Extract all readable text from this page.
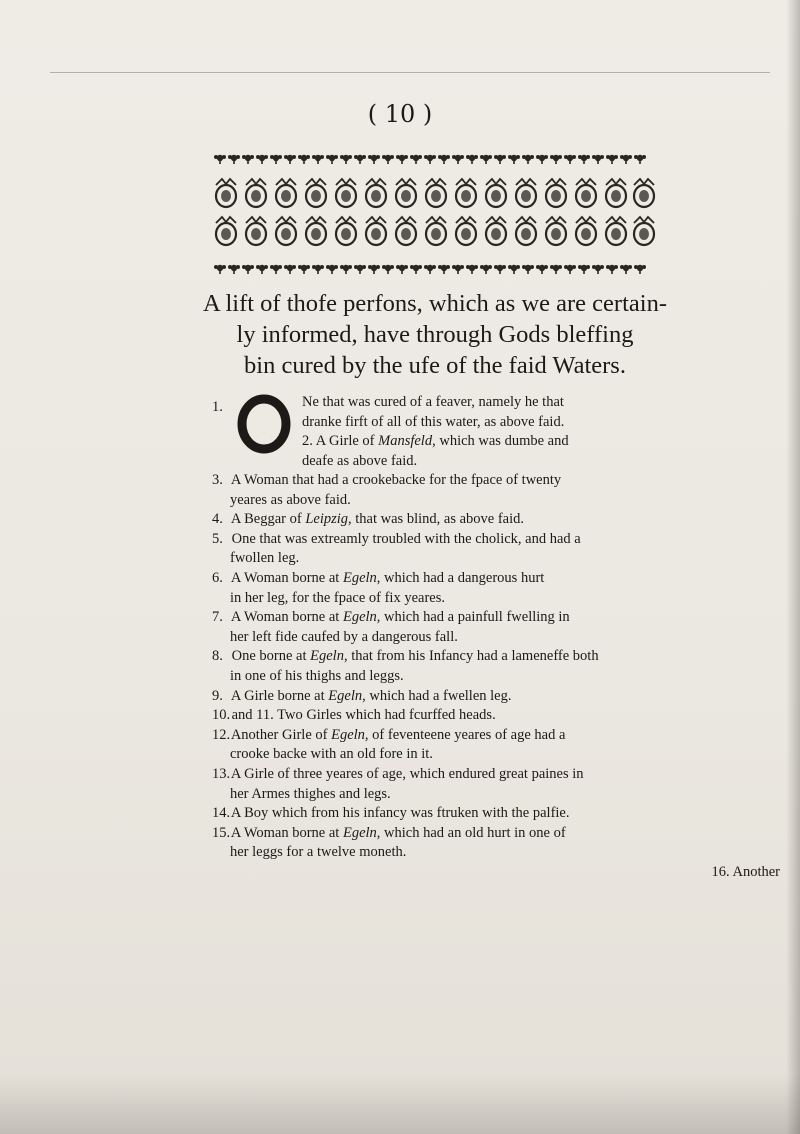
( 10 )
A lift of thofe perfons, which as we are certain-
ly informed, have through Gods bleffing
bin cured by the ufe of the faid Waters.
1.
O
Ne that was cured of a feaver, namely he that
dranke firft of all of this water, as above faid.
2. A Girle of Mansfeld, which was dumbe and
deafe as above faid.
3. A Woman that had a crookebacke for the fpace of twenty
yeares as above faid.
4. A Beggar of Leipzig, that was blind, as above faid.
5. One that was extreamly troubled with the cholick, and had a
fwollen leg.
6. A Woman borne at Egeln, which had a dangerous hurt
in her leg, for the fpace of fix yeares.
7. A Woman borne at Egeln, which had a painfull fwelling in
her left fide caufed by a dangerous fall.
8. One borne at Egeln, that from his Infancy had a lameneffe both
in one of his thighs and leggs.
9. A Girle borne at Egeln, which had a fwellen leg.
10. and 11. Two Girles which had fcurffed heads.
12. Another Girle of Egeln, of feventeene yeares of age had a
crooke backe with an old fore in it.
13. A Girle of three yeares of age, which endured great paines in
her Armes thighes and legs.
14. A Boy which from his infancy was ftruken with the palfie.
15. A Woman borne at Egeln, which had an old hurt in one of
her leggs for a twelve moneth.
16. Another
